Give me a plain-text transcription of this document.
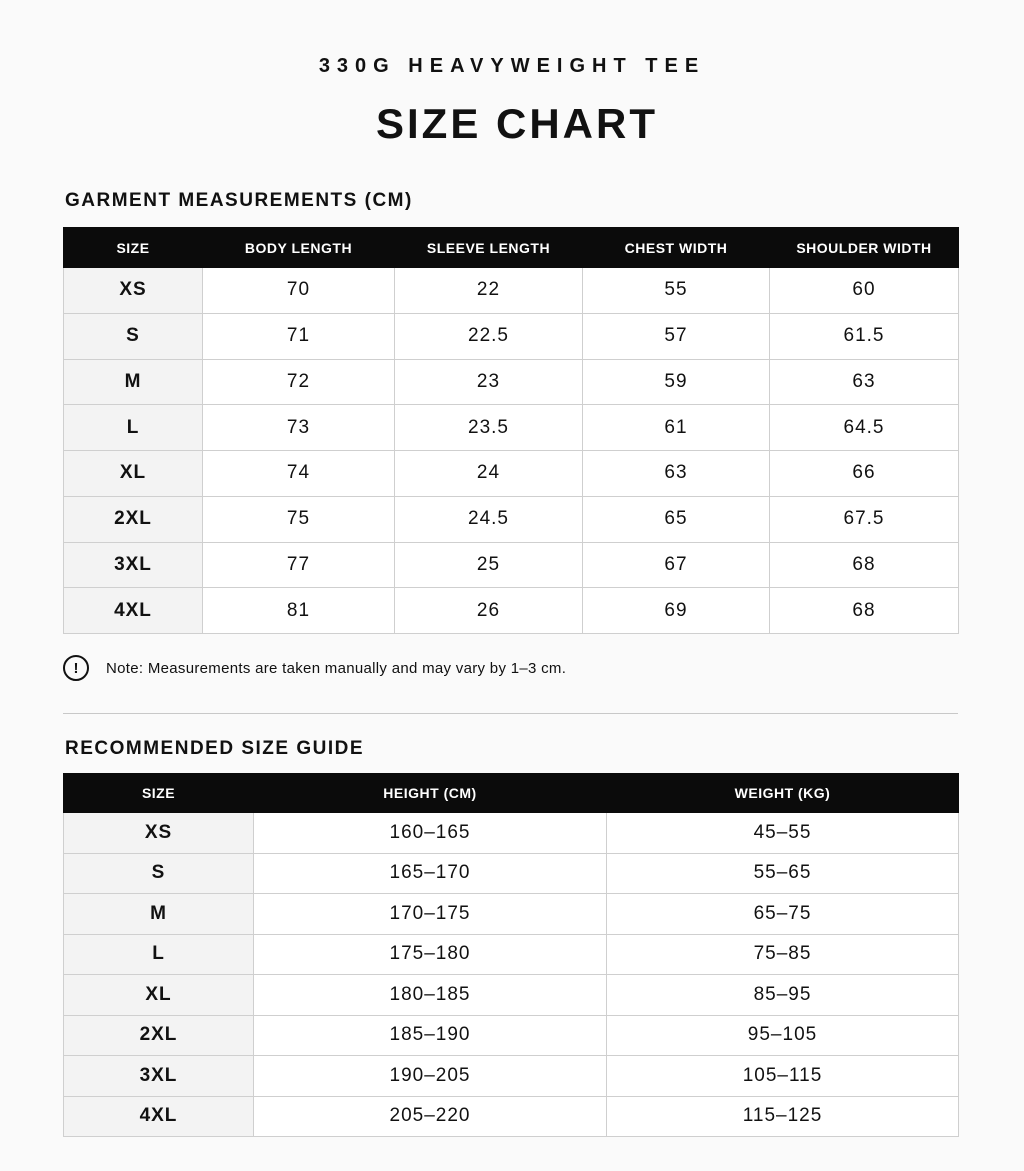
330G HEAVYWEIGHT TEE
SIZE CHART
GARMENT MEASUREMENTS (CM)
SIZE	BODY LENGTH	SLEEVE LENGTH	CHEST WIDTH	SHOULDER WIDTH
XS	70	22	55	60
S	71	22.5	57	61.5
M	72	23	59	63
L	73	23.5	61	64.5
XL	74	24	63	66
2XL	75	24.5	65	67.5
3XL	77	25	67	68
4XL	81	26	69	68
!	Note: Measurements are taken manually and may vary by 1–3 cm.
RECOMMENDED SIZE GUIDE
SIZE	HEIGHT (CM)	WEIGHT (KG)
XS	160–165	45–55
S	165–170	55–65
M	170–175	65–75
L	175–180	75–85
XL	180–185	85–95
2XL	185–190	95–105
3XL	190–205	105–115
4XL	205–220	115–125
